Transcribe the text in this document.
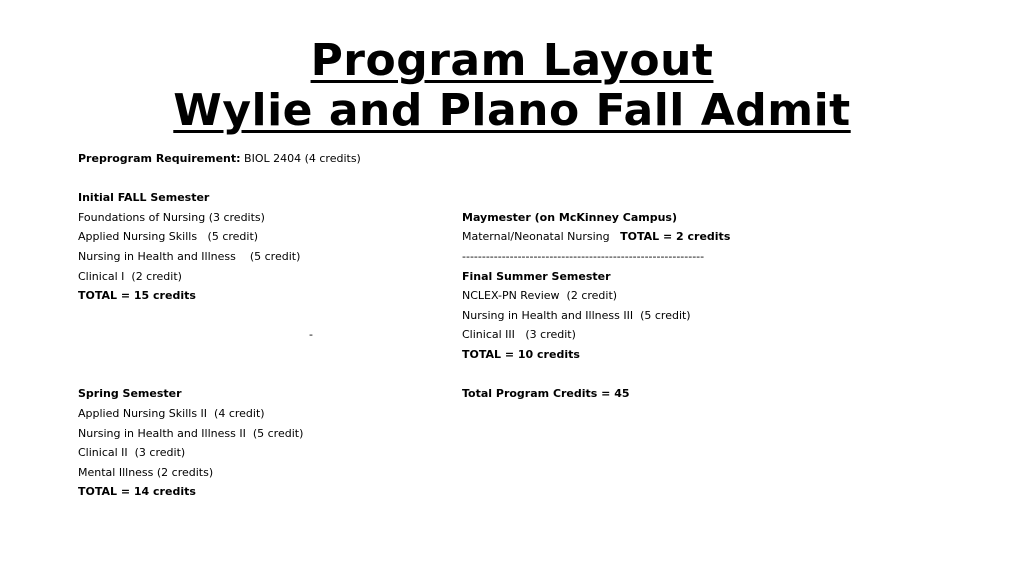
Program Layout
Wylie and Plano Fall Admit
Preprogram Requirement: BIOL 2404 (4 credits)
Initial FALL Semester
Foundations of Nursing (3 credits)
Applied Nursing Skills   (5 credit)
Nursing in Health and Illness    (5 credit)
Clinical I  (2 credit)
TOTAL = 15 credits
-
Spring Semester
Applied Nursing Skills II  (4 credit)
Nursing in Health and Illness II  (5 credit)
Clinical II  (3 credit)
Mental Illness (2 credits)
TOTAL = 14 credits
Maymester (on McKinney Campus)
Maternal/Neonatal Nursing   TOTAL = 2 credits
-------------------------------------------------------------
Final Summer Semester
NCLEX-PN Review  (2 credit)
Nursing in Health and Illness III  (5 credit)
Clinical III   (3 credit)
TOTAL = 10 credits
Total Program Credits = 45
